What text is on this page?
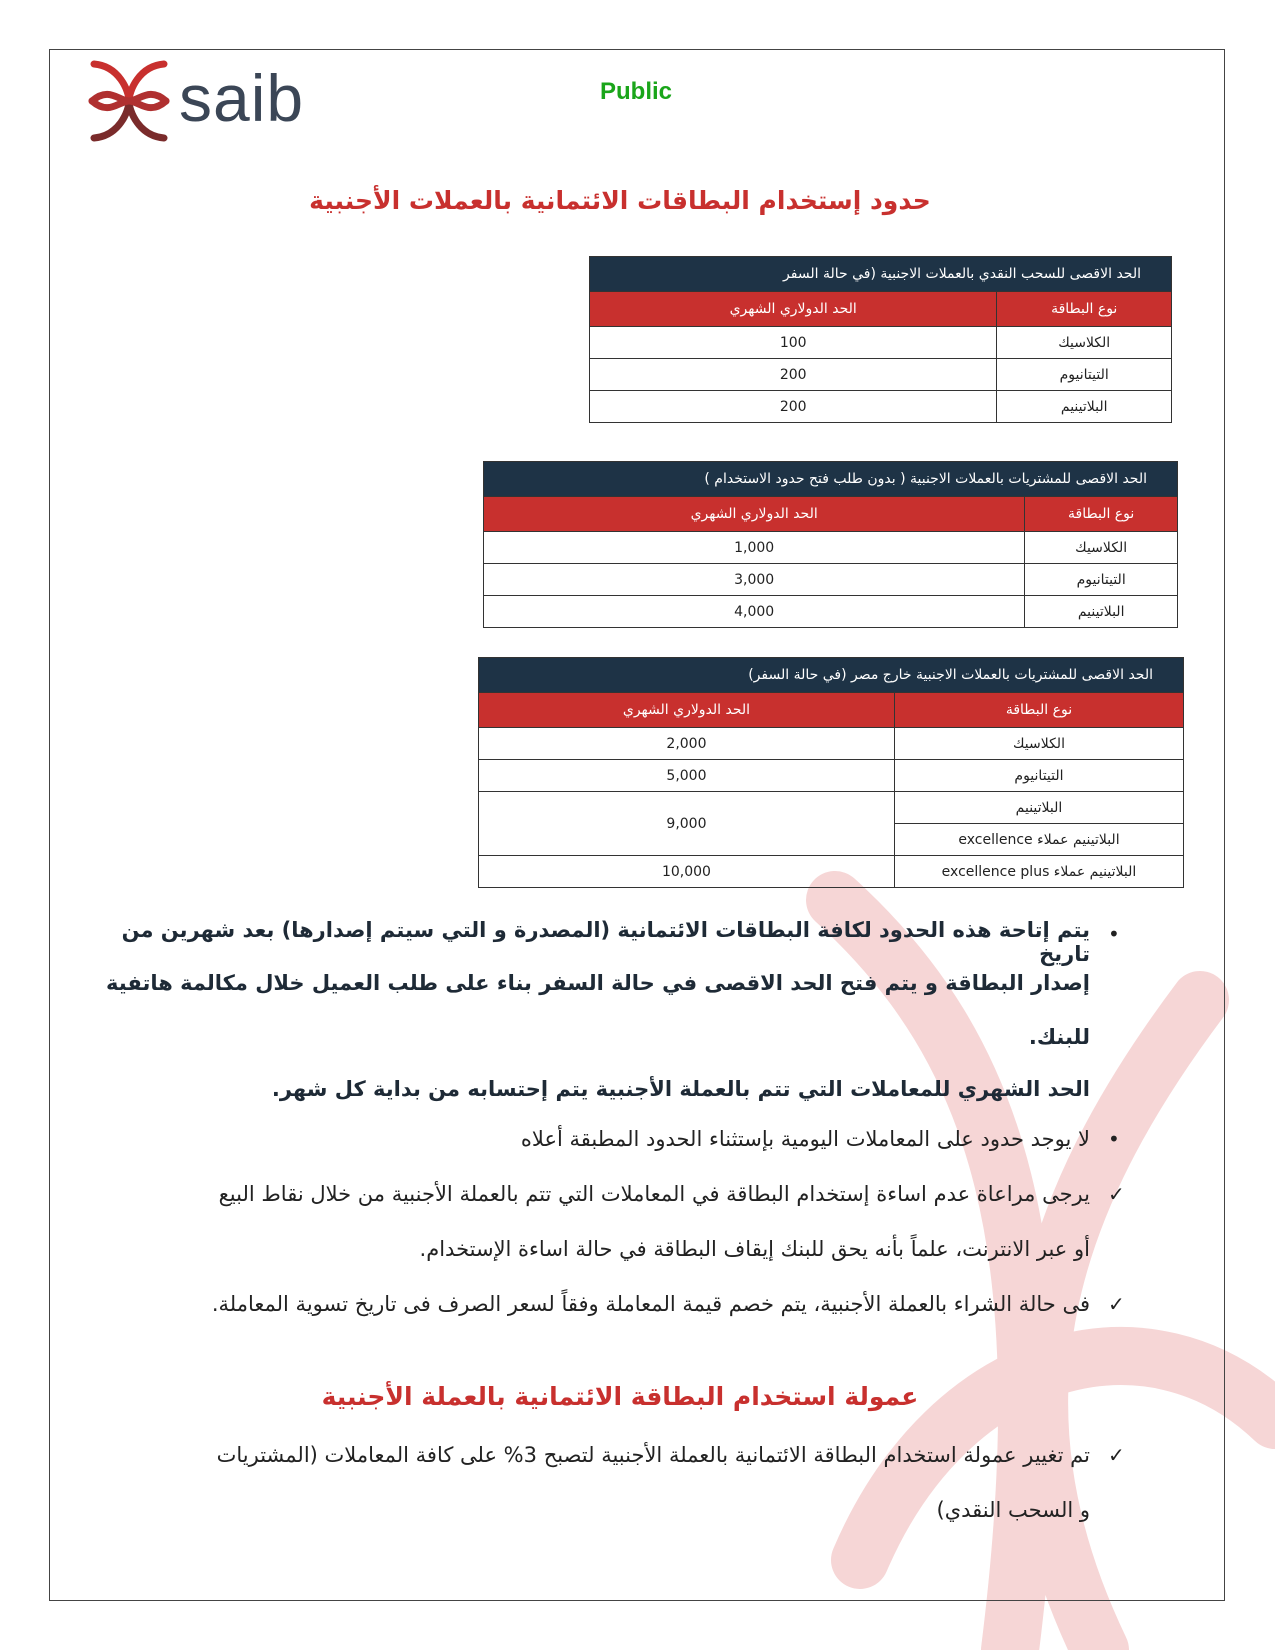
saib	Public
حدود إستخدام البطاقات الائتمانية بالعملات الأجنبية
الحد الاقصى للسحب النقدي بالعملات الاجنبية (في حالة السفر	
نوع البطاقة	الحد الدولاري الشهري
الكلاسيك	100
التيتانيوم	200
البلاتينيم	200
الحد الاقصى للمشتريات بالعملات الاجنبية ( بدون طلب فتح حدود الاستخدام )	
نوع البطاقة	الحد الدولاري الشهري
الكلاسيك	1,000
التيتانيوم	3,000
البلاتينيم	4,000
الحد الاقصى للمشتريات بالعملات الاجنبية خارج مصر (في حالة السفر)	
نوع البطاقة	الحد الدولاري الشهري
الكلاسيك	2,000
التيتانيوم	5,000
البلاتينيم	9,000
البلاتينيم عملاء excellence	
البلاتينيم عملاء excellence plus	10,000
•
يتم إتاحة هذه الحدود لكافة البطاقات الائتمانية (المصدرة و التي سيتم إصدارها) بعد شهرين من تاريخ
إصدار البطاقة و يتم فتح الحد الاقصى في حالة السفر بناء على طلب العميل خلال مكالمة هاتفية
للبنك.
الحد الشهري للمعاملات التي تتم بالعملة الأجنبية يتم إحتسابه من بداية كل شهر.
•
لا يوجد حدود على المعاملات اليومية بإستثناء الحدود المطبقة أعلاه
✓
يرجى مراعاة عدم اساءة إستخدام البطاقة في المعاملات التي تتم بالعملة الأجنبية من خلال نقاط البيع
أو عبر الانترنت، علماً بأنه يحق للبنك إيقاف البطاقة في حالة اساءة الإستخدام.
✓
فى حالة الشراء بالعملة الأجنبية، يتم خصم قيمة المعاملة وفقاً لسعر الصرف فى تاريخ تسوية المعاملة.
عمولة استخدام البطاقة الائتمانية بالعملة الأجنبية
✓
تم تغيير عمولة استخدام البطاقة الائتمانية بالعملة الأجنبية لتصبح 3% على كافة المعاملات (المشتريات
و السحب النقدي)
